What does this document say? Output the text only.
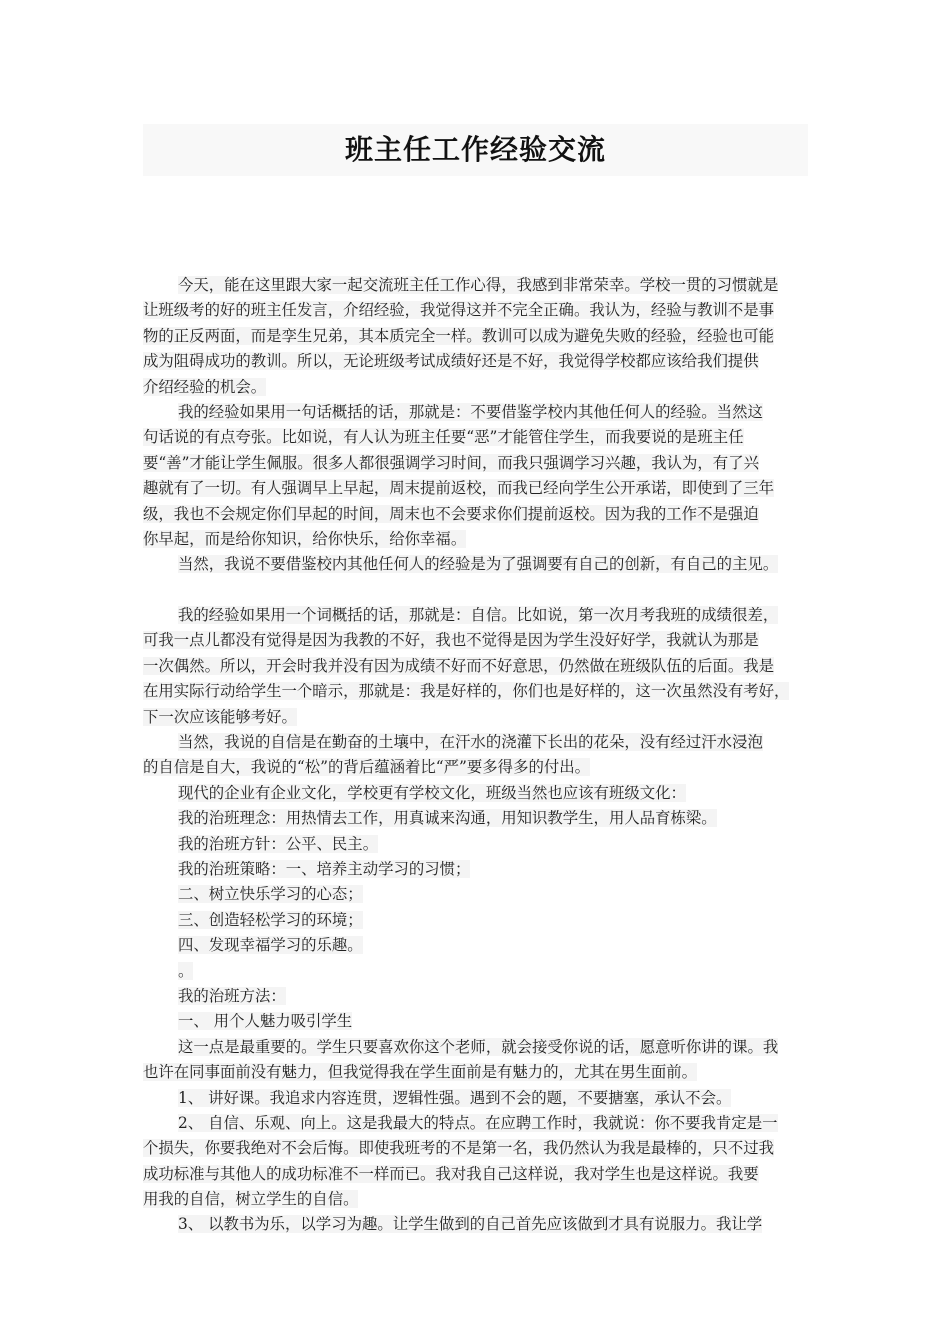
班主任工作经验交流
今天，能在这里跟大家一起交流班主任工作心得，我感到非常荣幸。学校一贯的习惯就是
让班级考的好的班主任发言，介绍经验，我觉得这并不完全正确。我认为，经验与教训不是事
物的正反两面，而是孪生兄弟，其本质完全一样。教训可以成为避免失败的经验，经验也可能
成为阻碍成功的教训。所以，无论班级考试成绩好还是不好，我觉得学校都应该给我们提供
介绍经验的机会。
我的经验如果用一句话概括的话，那就是：不要借鉴学校内其他任何人的经验。当然这
句话说的有点夸张。比如说，有人认为班主任要“恶”才能管住学生，而我要说的是班主任
要“善”才能让学生佩服。很多人都很强调学习时间，而我只强调学习兴趣，我认为，有了兴
趣就有了一切。有人强调早上早起，周末提前返校，而我已经向学生公开承诺，即使到了三年
级，我也不会规定你们早起的时间，周末也不会要求你们提前返校。因为我的工作不是强迫
你早起，而是给你知识，给你快乐，给你幸福。
当然，我说不要借鉴校内其他任何人的经验是为了强调要有自己的创新，有自己的主见。
我的经验如果用一个词概括的话，那就是：自信。比如说，第一次月考我班的成绩很差，
可我一点儿都没有觉得是因为我教的不好，我也不觉得是因为学生没好好学，我就认为那是
一次偶然。所以，开会时我并没有因为成绩不好而不好意思，仍然做在班级队伍的后面。我是
在用实际行动给学生一个暗示，那就是：我是好样的，你们也是好样的，这一次虽然没有考好，
下一次应该能够考好。
当然，我说的自信是在勤奋的土壤中，在汗水的浇灌下长出的花朵，没有经过汗水浸泡
的自信是自大，我说的“松”的背后蕴涵着比“严”要多得多的付出。
现代的企业有企业文化，学校更有学校文化，班级当然也应该有班级文化：
我的治班理念：用热情去工作，用真诚来沟通，用知识教学生，用人品育栋梁。
我的治班方针：公平、民主。
我的治班策略：一、培养主动学习的习惯；
二、树立快乐学习的心态；
三、创造轻松学习的环境；
四、发现幸福学习的乐趣。
。
我的治班方法：
一、 用个人魅力吸引学生
这一点是最重要的。学生只要喜欢你这个老师，就会接受你说的话，愿意听你讲的课。我
也许在同事面前没有魅力，但我觉得我在学生面前是有魅力的，尤其在男生面前。
1、 讲好课。我追求内容连贯，逻辑性强。遇到不会的题，不要搪塞，承认不会。
2、 自信、乐观、向上。这是我最大的特点。在应聘工作时，我就说：你不要我肯定是一
个损失，你要我绝对不会后悔。即使我班考的不是第一名，我仍然认为我是最棒的，只不过我
成功标准与其他人的成功标准不一样而已。我对我自己这样说，我对学生也是这样说。我要
用我的自信，树立学生的自信。
3、 以教书为乐，以学习为趣。让学生做到的自己首先应该做到才具有说服力。我让学
